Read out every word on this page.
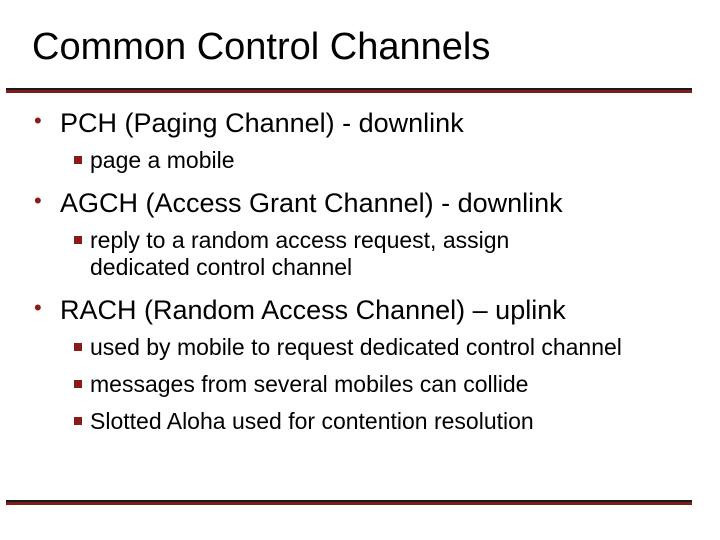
Common Control Channels
• PCH (Paging Channel) - downlink
page a mobile
• AGCH (Access Grant Channel) - downlink
reply to a random access request, assign dedicated control channel
• RACH (Random Access Channel) – uplink
used by mobile to request dedicated control channel
messages from several mobiles can collide
Slotted Aloha used for contention resolution
